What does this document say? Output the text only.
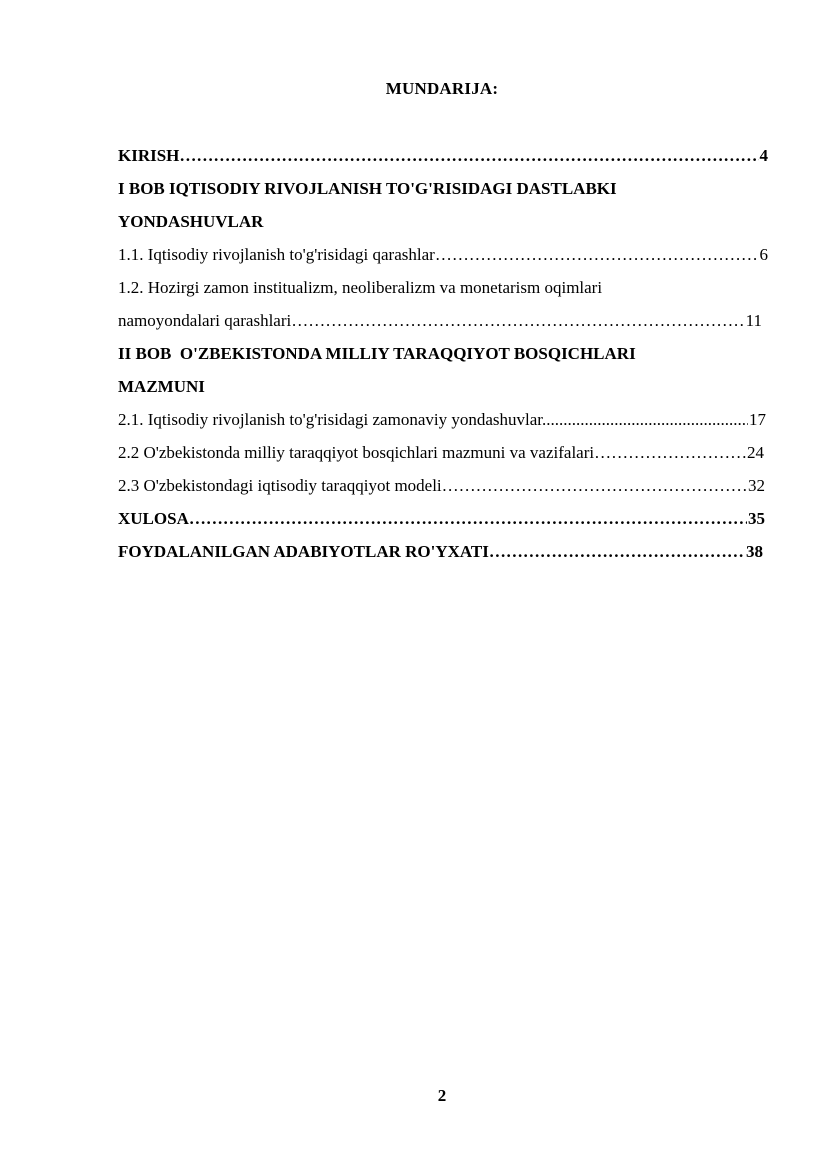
MUNDARIJA:
KIRISH ………………………………………………………………………………………………………………………………………………………………………………	4
I BOB IQTISODIY RIVOJLANISH TO'G'RISIDAGI DASTLABKI
YONDASHUVLAR
1.1. Iqtisodiy rivojlanish to'g'risidagi qarashlar ………………………………………………………………………………………………………………………………………………………………………………	6
1.2. Hozirgi zamon institualizm, neoliberalizm va monetarism oqimlari
namoyondalari qarashlari ………………………………………………………………………………………………………………………………………………………………………………	11
II BOB  O'ZBEKISTONDA MILLIY TARAQQIYOT BOSQICHLARI
MAZMUNI
2.1. Iqtisodiy rivojlanish to'g'risidagi zamonaviy yondashuvlar .....	17
2.2 O'zbekistonda milliy taraqqiyot bosqichlari mazmuni va vazifalari ………………………………………………………………………………………………………………………………………………………………………………	24
2.3 O'zbekistondagi iqtisodiy taraqqiyot modeli ………………………………………………………………………………………………………………………………………………………………………………	32
XULOSA ………………………………………………………………………………………………………………………………………………………………………………	35
FOYDALANILGAN ADABIYOTLAR RO'YXATI ………………………………………………………………………………………………………………………………………………………………………………	38
2
